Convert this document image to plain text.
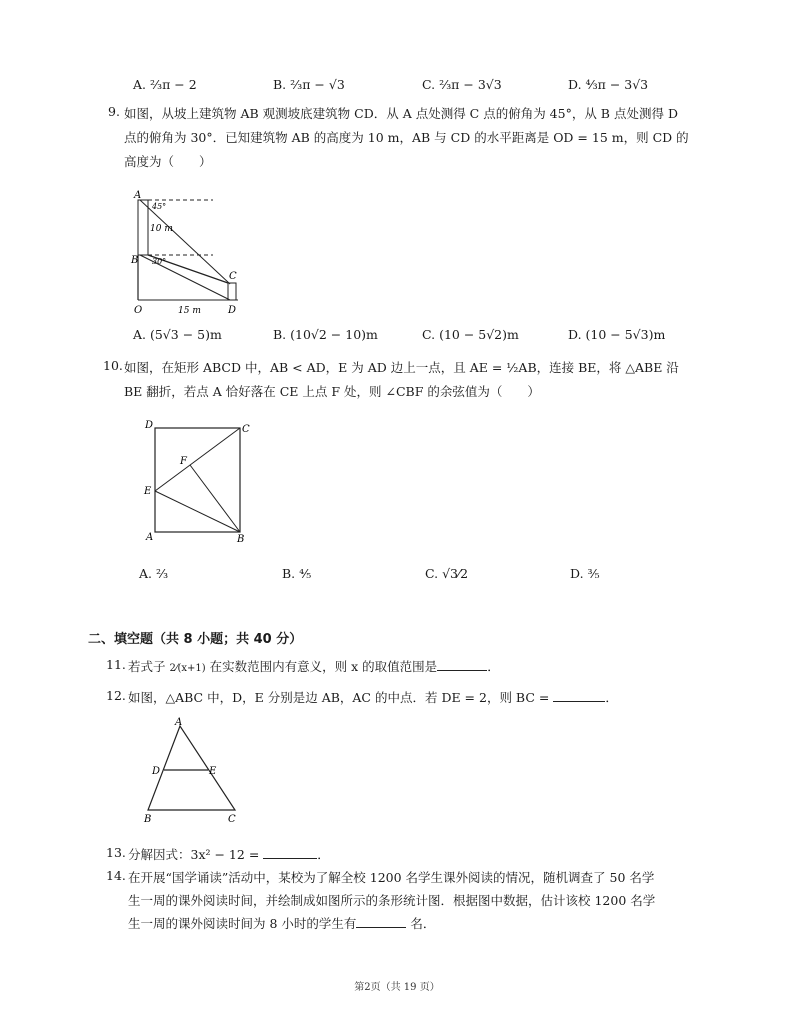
A. ⅔π − 2	B. ⅔π − √3	C. ⅔π − 3√3	D. ⁴⁄₃π − 3√3
9. 如图，从坡上建筑物 AB 观测坡底建筑物 CD．从 A 点处测得 C 点的俯角为 45°，从 B 点处测得 D
点的俯角为 30°．已知建筑物 AB 的高度为 10 m，AB 与 CD 的水平距离是 OD = 15 m，则 CD 的
高度为（　　）
A
B
C
D
O
45°
30°
10 m
15 m
A. (5√3 − 5)m	B. (10√2 − 10)m	C. (10 − 5√2)m	D. (10 − 5√3)m
10. 如图，在矩形 ABCD 中，AB < AD，E 为 AD 边上一点，且 AE = ½AB，连接 BE，将 △ABE 沿
BE 翻折，若点 A 恰好落在 CE 上点 F 处，则 ∠CBF 的余弦值为（　　）
D	C
E
F
A	B
A. ⅔	B. ⅘	C. √3⁄2	D. ⅗
二、填空题（共 8 小题；共 40 分）
11. 若式子 2⁄(x+1) 在实数范围内有意义，则 x 的取值范围是	．
12. 如图，△ABC 中，D，E 分别是边 AB，AC 的中点．若 DE = 2，则 BC =	．
A
D	E
B	C
13. 分解因式：3x² − 12 =	．
14. 在开展“国学诵读”活动中，某校为了解全校 1200 名学生课外阅读的情况，随机调查了 50 名学
生一周的课外阅读时间，并绘制成如图所示的条形统计图．根据图中数据，估计该校 1200 名学
生一周的课外阅读时间为 8 小时的学生有	名．
第2页（共 19 页）
